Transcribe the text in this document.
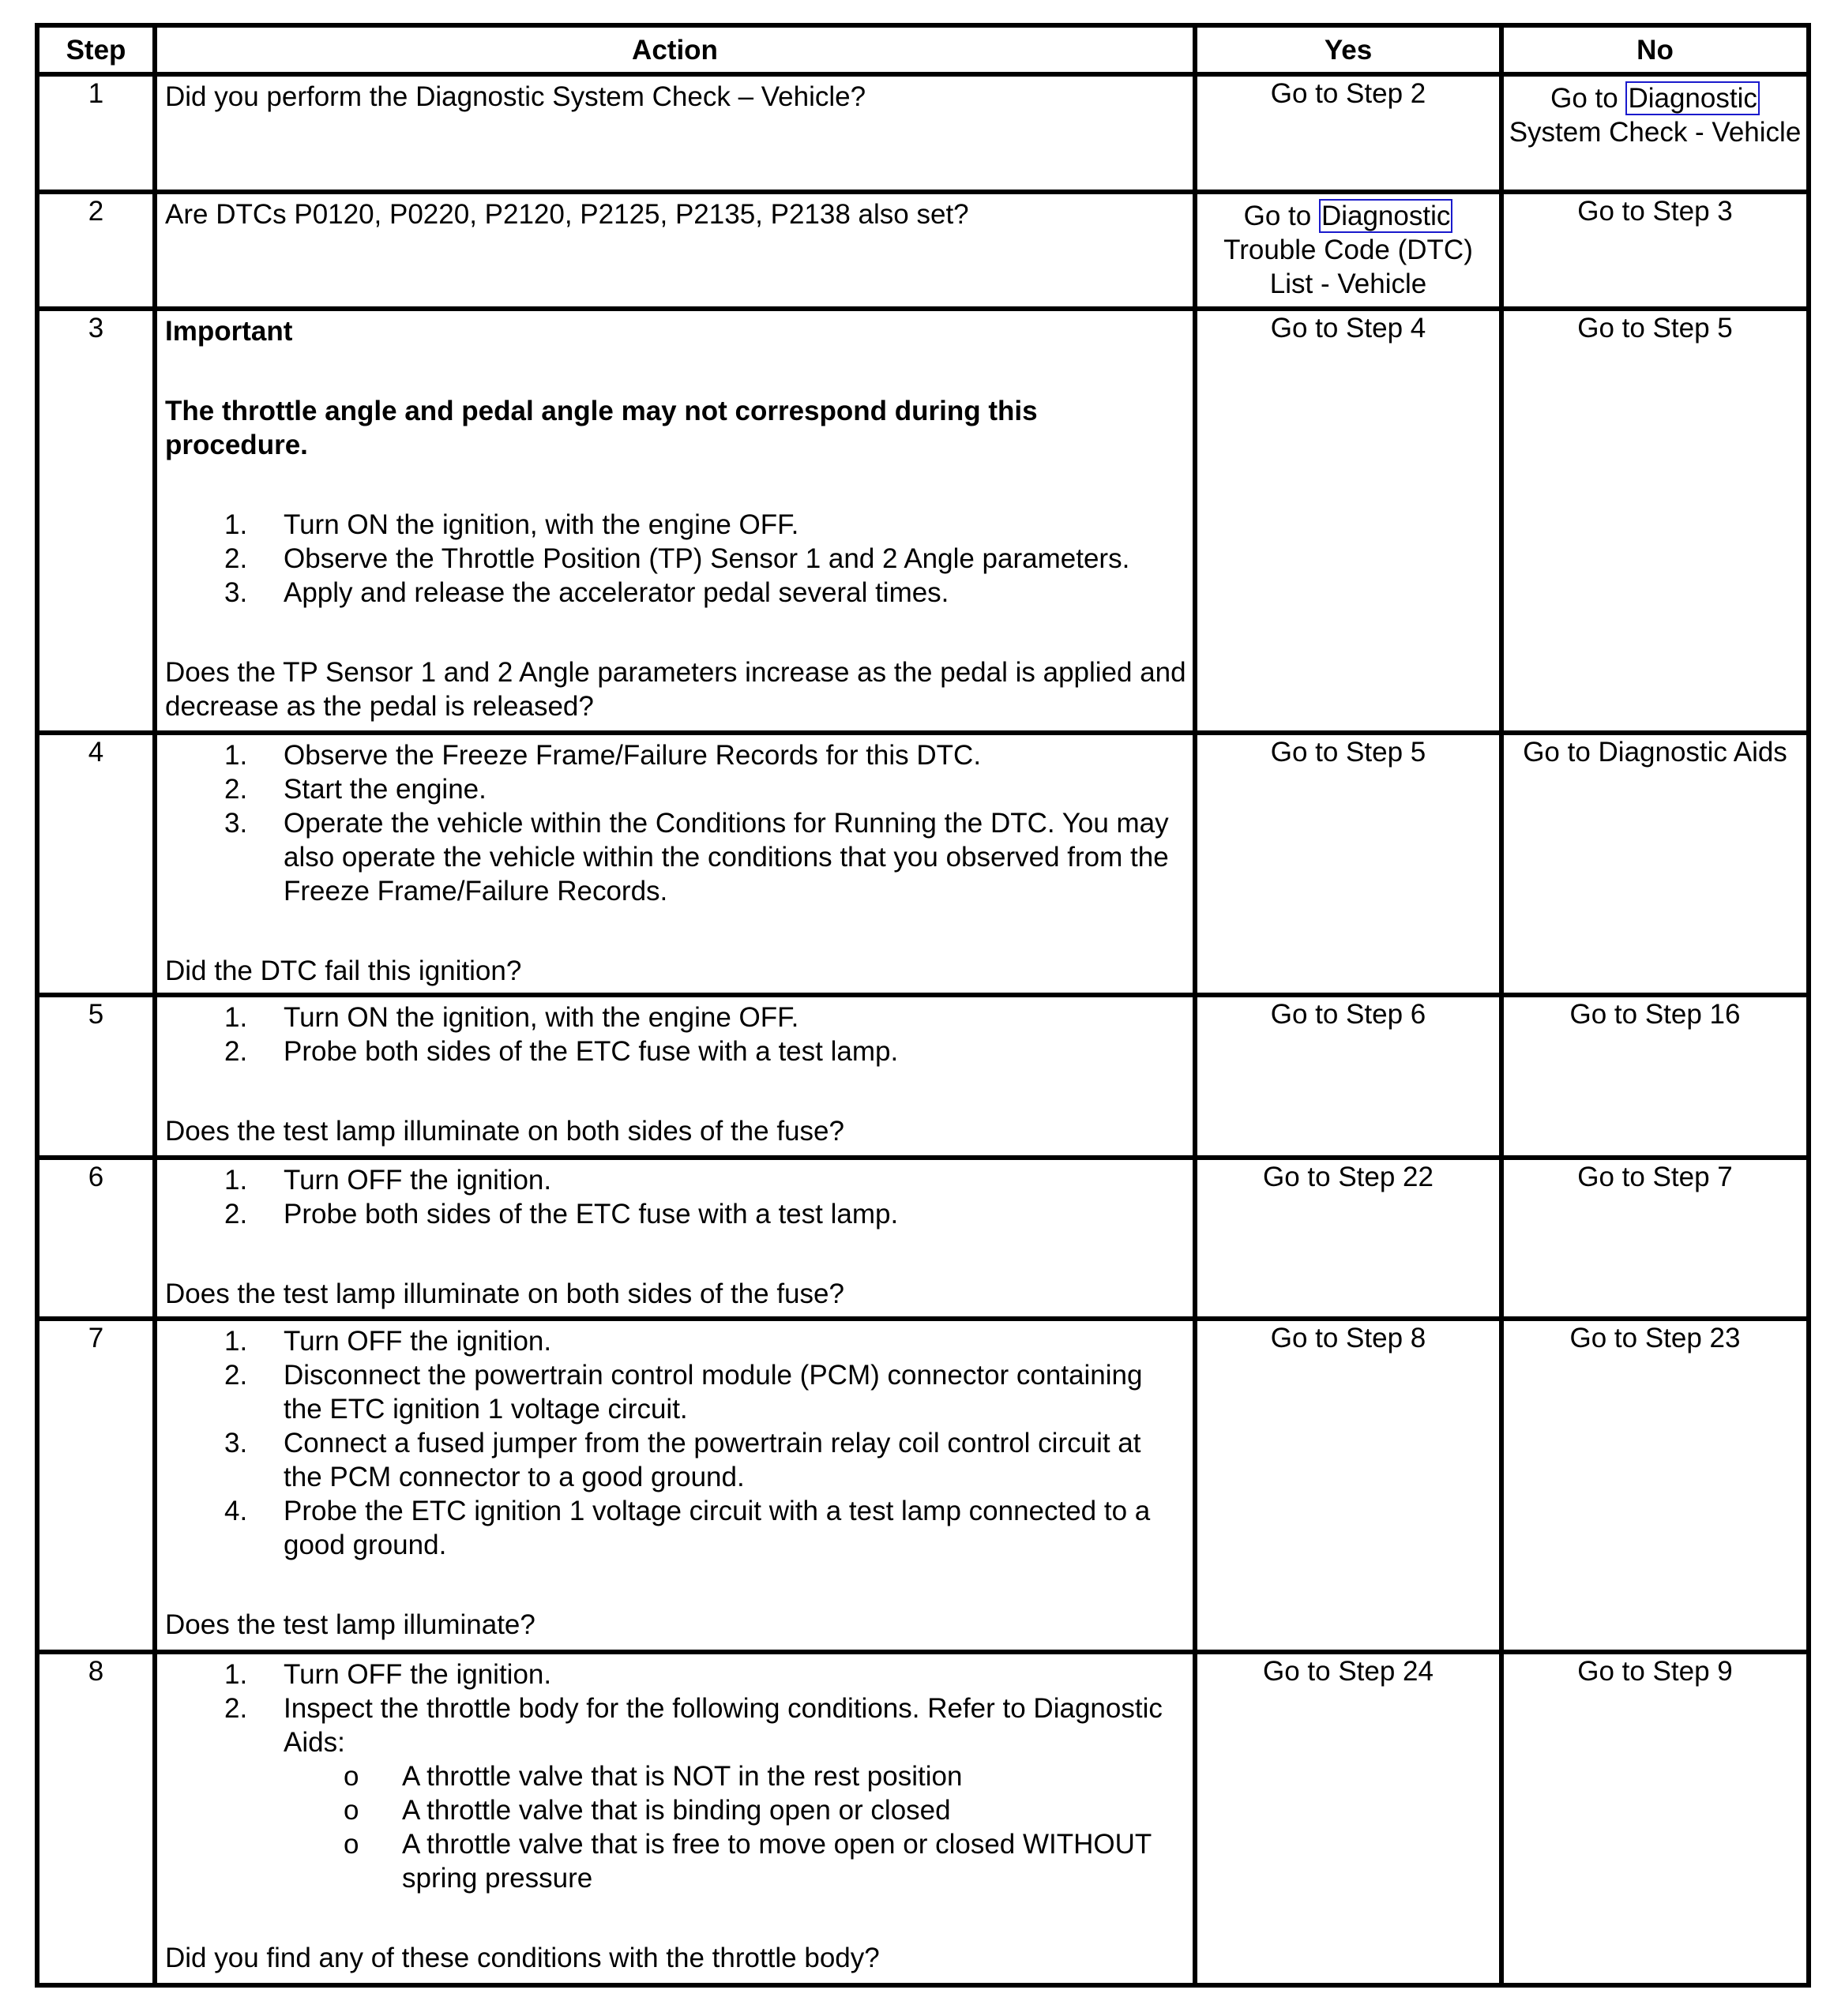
Step	Action	Yes	No
1	Did you perform the Diagnostic System Check – Vehicle?	Go to Step 2	Go to Diagnostic System Check - Vehicle
2	Are DTCs P0120, P0220, P2120, P2125, P2135, P2138 also set?	Go to Diagnostic Trouble Code (DTC) List - Vehicle	Go to Step 3
3	Important
The throttle angle and pedal angle may not correspond during this procedure.
1. Turn ON the ignition, with the engine OFF.
2. Observe the Throttle Position (TP) Sensor 1 and 2 Angle parameters.
3. Apply and release the accelerator pedal several times.
Does the TP Sensor 1 and 2 Angle parameters increase as the pedal is applied and decrease as the pedal is released?
	Go to Step 4	Go to Step 5
4	1. Observe the Freeze Frame/Failure Records for this DTC.
2. Start the engine.
3. Operate the vehicle within the Conditions for Running the DTC. You may also operate the vehicle within the conditions that you observed from the Freeze Frame/Failure Records.
Did the DTC fail this ignition?
	Go to Step 5	Go to Diagnostic Aids
5	1. Turn ON the ignition, with the engine OFF.
2. Probe both sides of the ETC fuse with a test lamp.
Does the test lamp illuminate on both sides of the fuse?
	Go to Step 6	Go to Step 16
6	1. Turn OFF the ignition.
2. Probe both sides of the ETC fuse with a test lamp.
Does the test lamp illuminate on both sides of the fuse?
	Go to Step 22	Go to Step 7
7	1. Turn OFF the ignition.
2. Disconnect the powertrain control module (PCM) connector containing the ETC ignition 1 voltage circuit.
3. Connect a fused jumper from the powertrain relay coil control circuit at the PCM connector to a good ground.
4. Probe the ETC ignition 1 voltage circuit with a test lamp connected to a good ground.
Does the test lamp illuminate?
	Go to Step 8	Go to Step 23
8	1. Turn OFF the ignition.
2. Inspect the throttle body for the following conditions. Refer to Diagnostic Aids:
o A throttle valve that is NOT in the rest position
o A throttle valve that is binding open or closed
o A throttle valve that is free to move open or closed WITHOUT spring pressure
Did you find any of these conditions with the throttle body?
	Go to Step 24	Go to Step 9
